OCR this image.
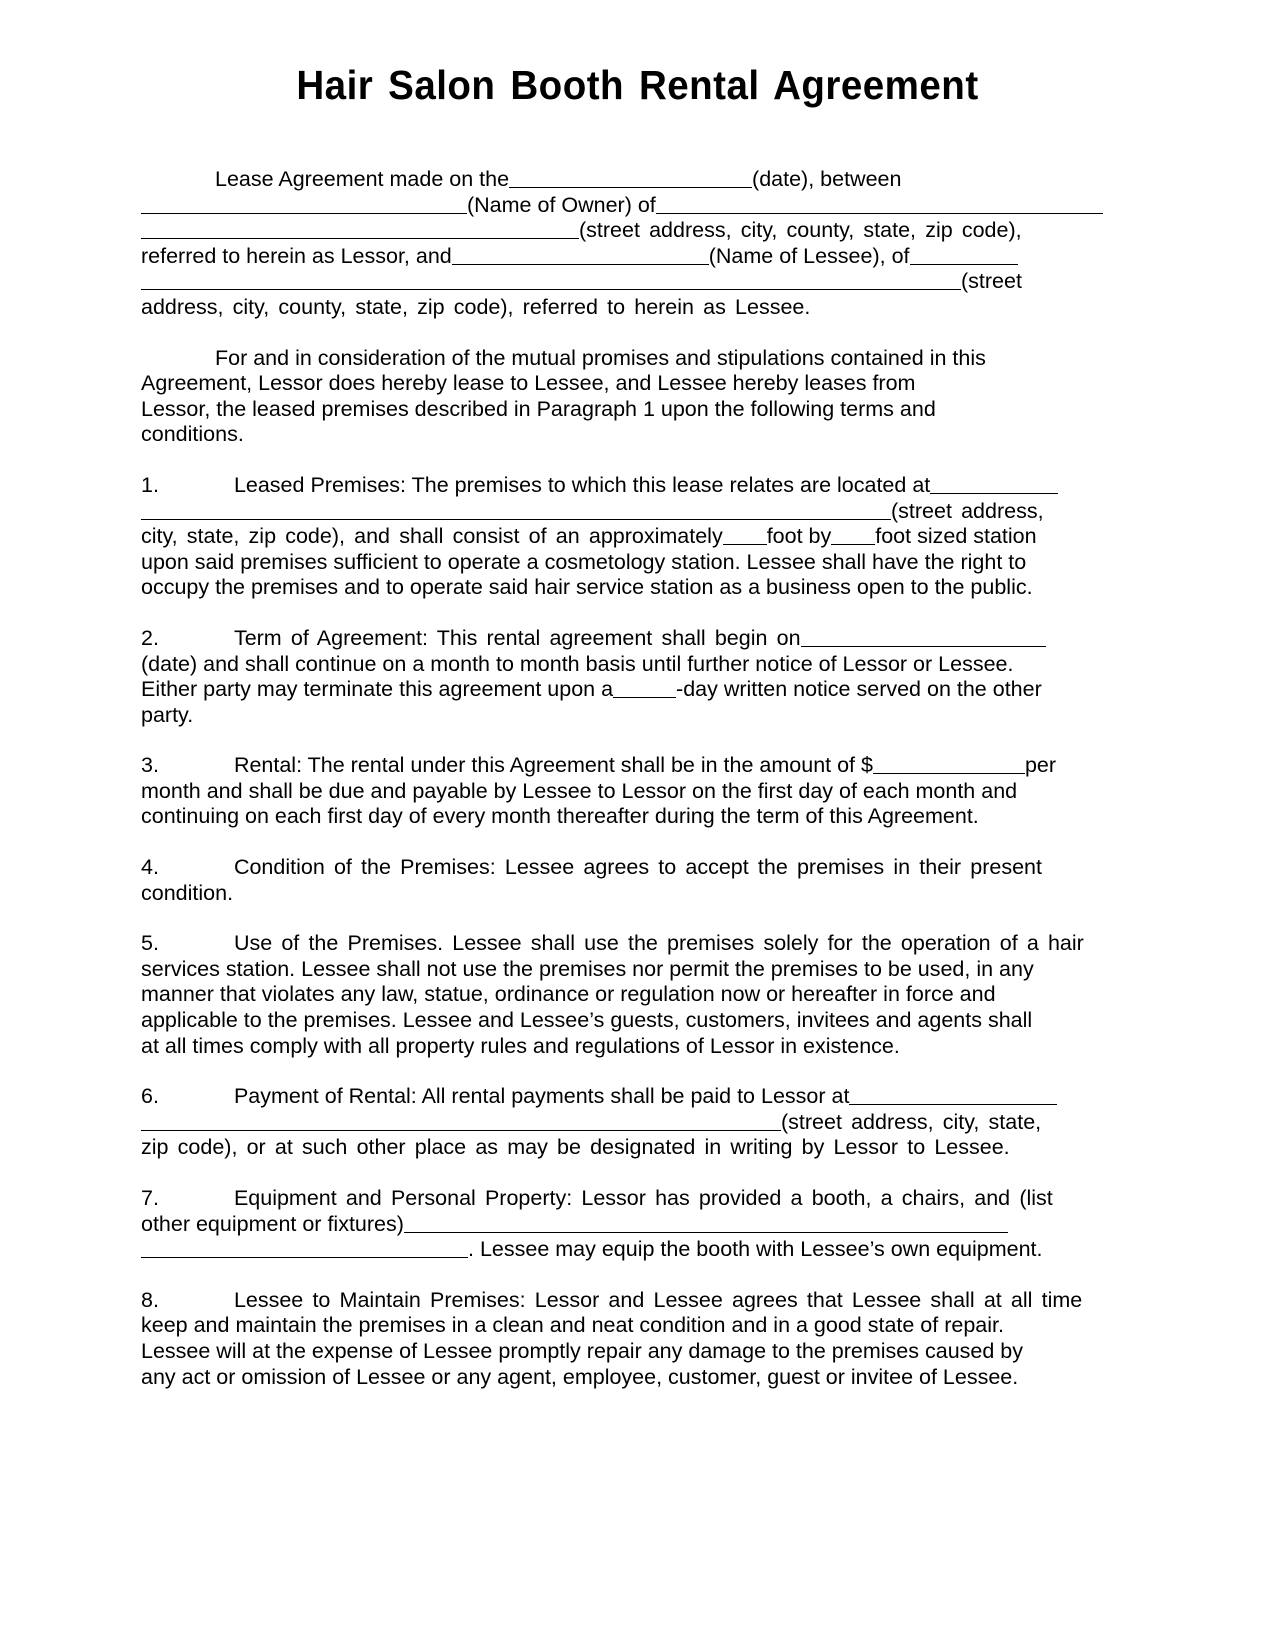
Hair Salon Booth Rental Agreement
Lease Agreement made on the	(date), between
(Name of Owner) of
(street address, city, county, state, zip code),
referred to herein as Lessor, and	(Name of Lessee), of
(street
address, city, county, state, zip code), referred to herein as Lessee.
For and in consideration of the mutual promises and stipulations contained in this
Agreement, Lessor does hereby lease to Lessee, and Lessee hereby leases from
Lessor, the leased premises described in Paragraph 1 upon the following terms and
conditions.
1.	Leased Premises: The premises to which this lease relates are located at
(street address,
city, state, zip code), and shall consist of an approximately foot by foot sized station
upon said premises sufficient to operate a cosmetology station. Lessee shall have the right to
occupy the premises and to operate said hair service station as a business open to the public.
2.	Term of Agreement: This rental agreement shall begin on
(date) and shall continue on a month to month basis until further notice of Lessor or Lessee.
Either party may terminate this agreement upon a	-day written notice served on the other
party.
3.	Rental: The rental under this Agreement shall be in the amount of $	per
month and shall be due and payable by Lessee to Lessor on the first day of each month and
continuing on each first day of every month thereafter during the term of this Agreement.
4.	Condition of the Premises: Lessee agrees to accept the premises in their present
condition.
5.	Use of the Premises. Lessee shall use the premises solely for the operation of a hair
services station. Lessee shall not use the premises nor permit the premises to be used, in any
manner that violates any law, statue, ordinance or regulation now or hereafter in force and
applicable to the premises. Lessee and Lessee’s guests, customers, invitees and agents shall
at all times comply with all property rules and regulations of Lessor in existence.
6.	Payment of Rental: All rental payments shall be paid to Lessor at
(street address, city, state,
zip code), or at such other place as may be designated in writing by Lessor to Lessee.
7.	Equipment and Personal Property: Lessor has provided a booth, a chairs, and (list
other equipment or fixtures)
. Lessee may equip the booth with Lessee’s own equipment.
8.	Lessee to Maintain Premises: Lessor and Lessee agrees that Lessee shall at all time
keep and maintain the premises in a clean and neat condition and in a good state of repair.
Lessee will at the expense of Lessee promptly repair any damage to the premises caused by
any act or omission of Lessee or any agent, employee, customer, guest or invitee of Lessee.
